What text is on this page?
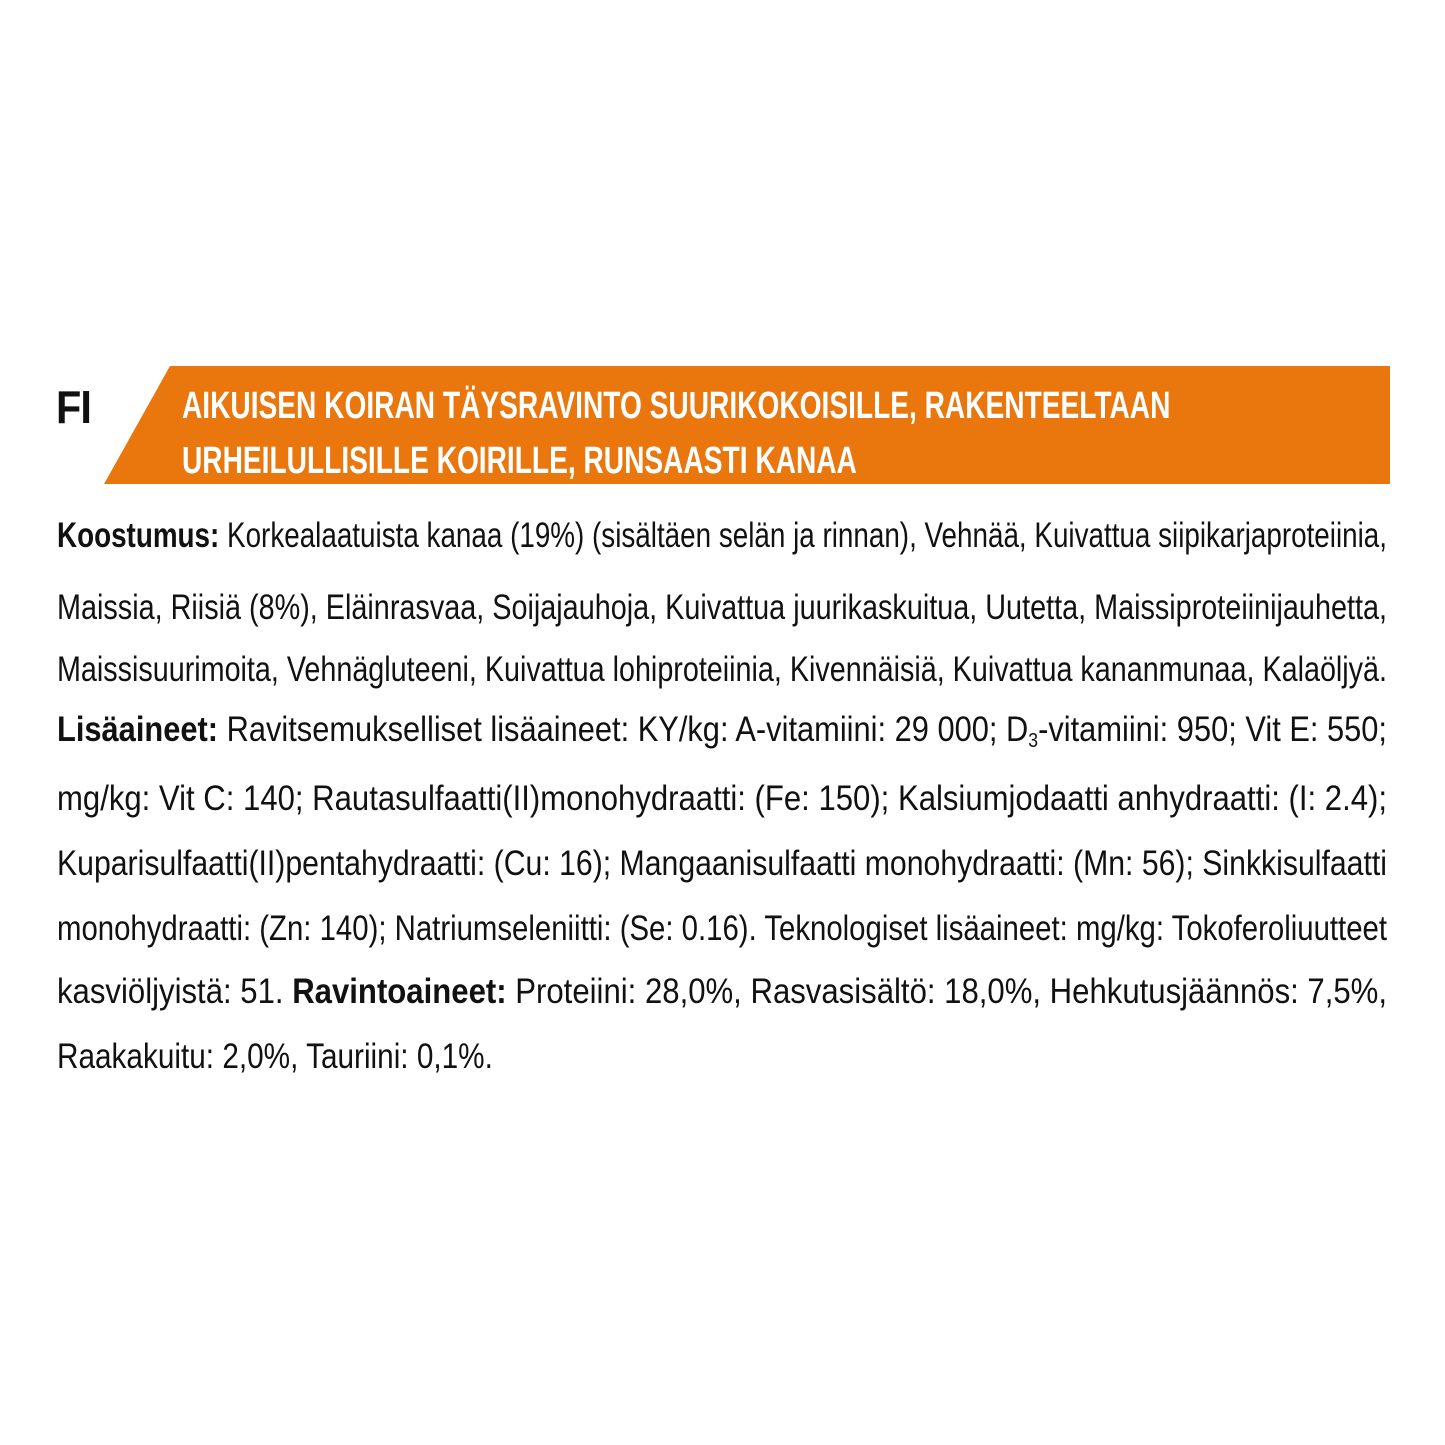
FI AIKUISEN KOIRAN TÄYSRAVINTO SUURIKOKOISILLE, RAKENTEELTAAN
URHEILULLISILLE KOIRILLE, RUNSAASTI KANAA
Koostumus: Korkealaatuista kanaa (19%) (sisältäen selän ja rinnan), Vehnää, Kuivattua siipikarjaproteiinia,
Maissia, Riisiä (8%), Eläinrasvaa, Soijajauhoja, Kuivattua juurikaskuitua, Uutetta, Maissiproteiinijauhetta,
Maissisuurimoita, Vehnägluteeni, Kuivattua lohiproteiinia, Kivennäisiä, Kuivattua kananmunaa, Kalaöljyä.
Lisäaineet: Ravitsemukselliset lisäaineet: KY/kg: A-vitamiini: 29 000; $D_3$-vitamiini: 950; Vit E: 550;
mg/kg: Vit C: 140; Rautasulfaatti(II)monohydraatti: (Fe: 150); Kalsiumjodaatti anhydraatti: (I: 2.4);
Kuparisulfaatti(II)pentahydraatti: (Cu: 16); Mangaanisulfaatti monohydraatti: (Mn: 56); Sinkkisulfaatti
monohydraatti: (Zn: 140); Natriumseleniitti: (Se: 0.16). Teknologiset lisäaineet: mg/kg: Tokoferoliuutteet
kasviöljyistä: 51. Ravintoaineet: Proteiini: 28,0%, Rasvasisältö: 18,0%, Hehkutusjäännös: 7,5%,
Raakakuitu: 2,0%, Tauriini: 0,1%.
